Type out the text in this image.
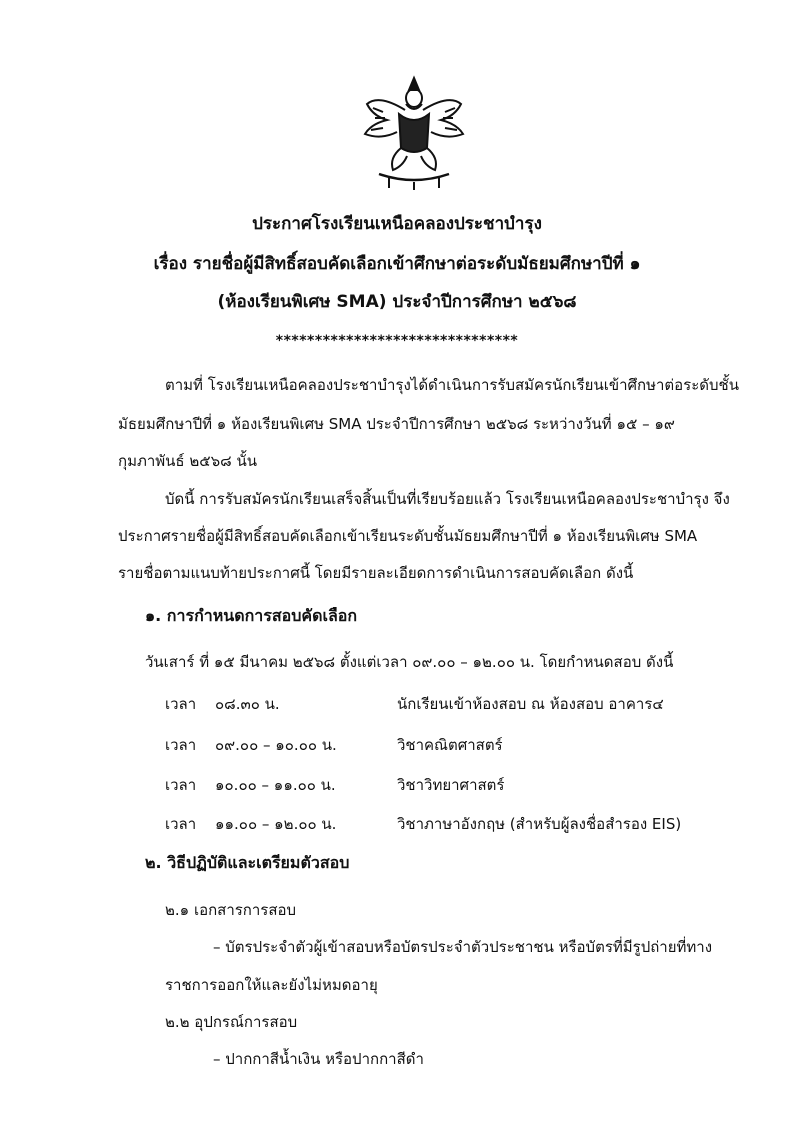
ประกาศโรงเรียนเหนือคลองประชาบำรุง
เรื่อง รายชื่อผู้มีสิทธิ์สอบคัดเลือกเข้าศึกษาต่อระดับมัธยมศึกษาปีที่ ๑
(ห้องเรียนพิเศษ SMA) ประจำปีการศึกษา ๒๕๖๘
*******************************
ตามที่ โรงเรียนเหนือคลองประชาบำรุงได้ดำเนินการรับสมัครนักเรียนเข้าศึกษาต่อระดับชั้น
มัธยมศึกษาปีที่ ๑ ห้องเรียนพิเศษ SMA ประจำปีการศึกษา ๒๕๖๘ ระหว่างวันที่ ๑๕ – ๑๙
กุมภาพันธ์ ๒๕๖๘ นั้น
บัดนี้ การรับสมัครนักเรียนเสร็จสิ้นเป็นที่เรียบร้อยแล้ว โรงเรียนเหนือคลองประชาบำรุง จึง
ประกาศรายชื่อผู้มีสิทธิ์สอบคัดเลือกเข้าเรียนระดับชั้นมัธยมศึกษาปีที่ ๑ ห้องเรียนพิเศษ SMA
รายชื่อตามแนบท้ายประกาศนี้ โดยมีรายละเอียดการดำเนินการสอบคัดเลือก ดังนี้
๑. การกำหนดการสอบคัดเลือก
วันเสาร์ ที่ ๑๕ มีนาคม ๒๕๖๘ ตั้งแต่เวลา ๐๙.๐๐ – ๑๒.๐๐ น. โดยกำหนดสอบ ดังนี้
เวลา ๐๘.๓๐ น.	นักเรียนเข้าห้องสอบ ณ ห้องสอบ อาคาร๔
เวลา ๐๙.๐๐ – ๑๐.๐๐ น.	วิชาคณิตศาสตร์
เวลา ๑๐.๐๐ – ๑๑.๐๐ น.	วิชาวิทยาศาสตร์
เวลา ๑๑.๐๐ – ๑๒.๐๐ น.	วิชาภาษาอังกฤษ (สำหรับผู้ลงชื่อสำรอง EIS)
๒. วิธีปฏิบัติและเตรียมตัวสอบ
๒.๑ เอกสารการสอบ
– บัตรประจำตัวผู้เข้าสอบหรือบัตรประจำตัวประชาชน หรือบัตรที่มีรูปถ่ายที่ทาง
ราชการออกให้และยังไม่หมดอายุ
๒.๒ อุปกรณ์การสอบ
– ปากกาสีน้ำเงิน หรือปากกาสีดำ
